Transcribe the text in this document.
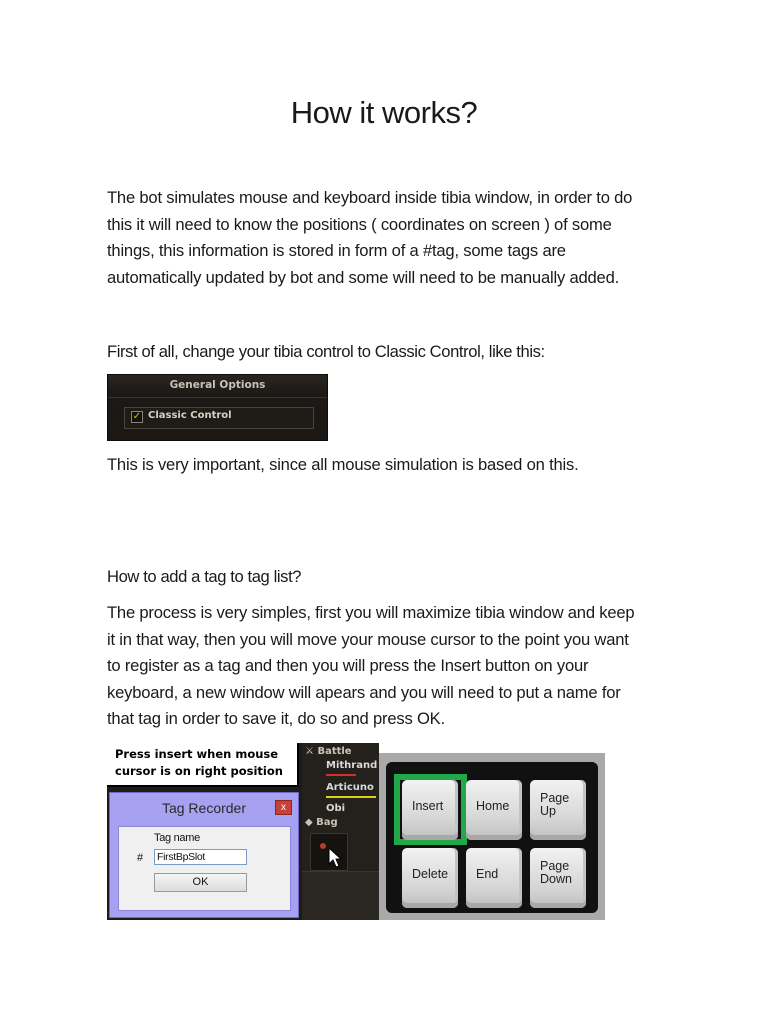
How it works?
The bot simulates mouse and keyboard inside tibia window, in order to do
this it will need to know the positions ( coordinates on screen ) of some
things, this information is stored in form of a #tag, some tags are
automatically updated by bot and some will need to be manually added.
First of all, change your tibia control to Classic Control, like this:
General Options
✓ Classic Control
This is very important, since all mouse simulation is based on this.
How to add a tag to tag list?
The process is very simples, first you will maximize tibia window and keep
it in that way, then you will move your mouse cursor to the point you want
to register as a tag and then you will press the Insert button on your
keyboard, a new window will apears and you will need to put a name for
that tag in order to save it, do so and press OK.
⚔ Battle
Mithrand
Articuno
Obi
◆ Bag
Press insert when mouse
cursor is on right position
Tag Recorder	x
Tag name
# FirstBpSlot
OK
Insert	Home
Page
Up
Delete End
Page
Down
